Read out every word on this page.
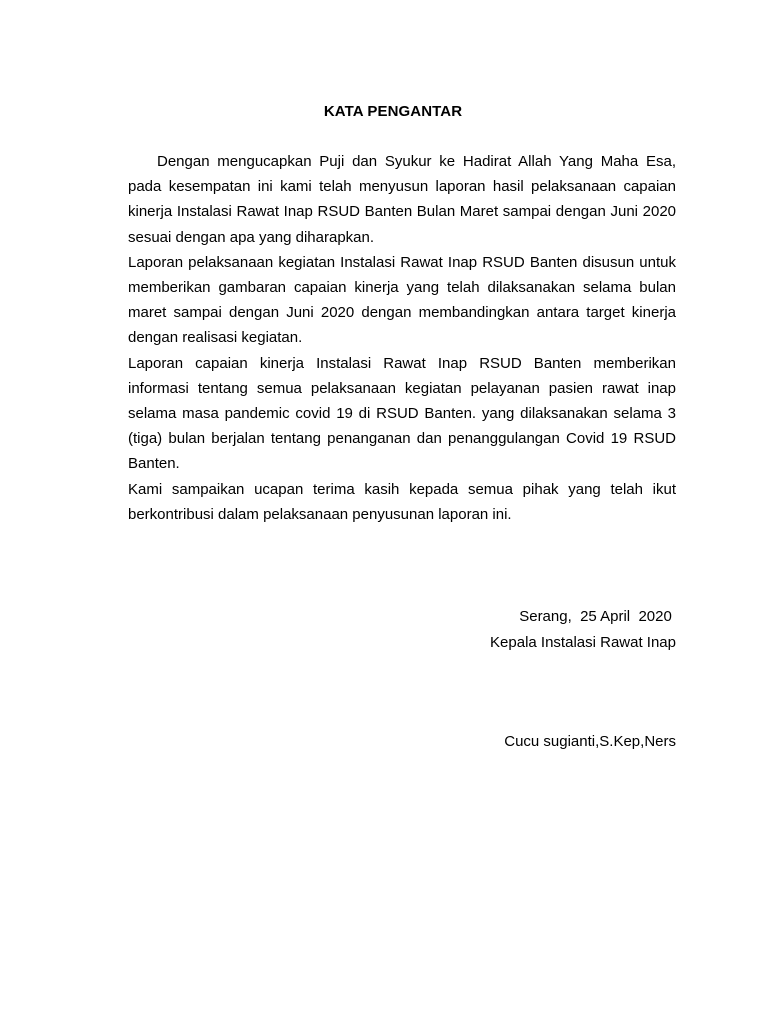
KATA PENGANTAR

Dengan mengucapkan Puji dan Syukur ke Hadirat Allah Yang Maha Esa, pada kesempatan ini kami telah menyusun laporan hasil pelaksanaan capaian kinerja Instalasi Rawat Inap RSUD Banten Bulan Maret sampai dengan Juni 2020 sesuai dengan apa yang diharapkan.

Laporan pelaksanaan kegiatan Instalasi Rawat Inap RSUD Banten disusun untuk memberikan gambaran capaian kinerja yang telah dilaksanakan selama bulan maret sampai dengan Juni 2020 dengan membandingkan antara target kinerja dengan realisasi kegiatan.

Laporan capaian kinerja Instalasi Rawat Inap RSUD Banten memberikan informasi tentang semua pelaksanaan kegiatan pelayanan pasien rawat inap selama masa pandemic covid 19 di RSUD Banten. yang dilaksanakan selama 3 (tiga) bulan berjalan tentang penanganan dan penanggulangan Covid 19 RSUD Banten.

Kami sampaikan ucapan terima kasih kepada semua pihak yang telah ikut berkontribusi dalam pelaksanaan penyusunan laporan ini.

Serang,  25 April  2020
Kepala Instalasi Rawat Inap
Cucu sugianti,S.Kep,Ners
